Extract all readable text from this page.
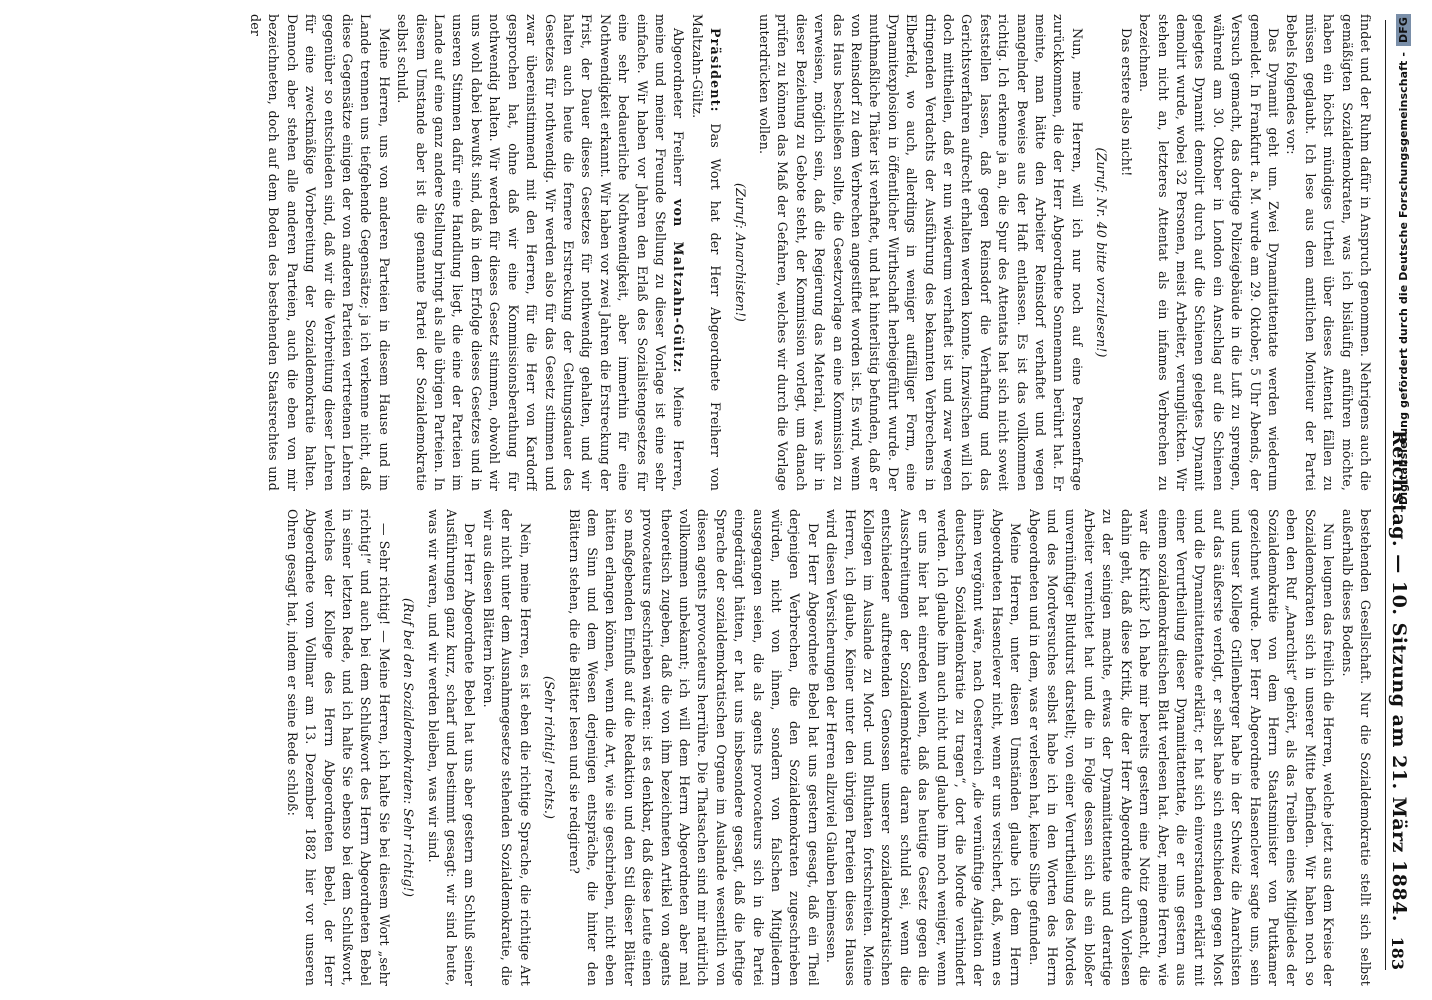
Digitalisierung gefördert durch die Deutsche Forschungsgemeinschaft -
DFG
Reichstag. — 10. Sitzung am 21. März 1884.
183

findet und der Ruhm dafür in Anspruch genommen. Nehrigens auch die gemäßigten Sozialdemokraten, was ich bisläufig anführen möchte, haben ein höchst mündiges Urtheil über dieses Attentat fällen zu müssen geglaubt. Ich lese aus dem amtlichen Moniteur der Partei Bebels folgendes vor:

Das Dynamit geht um. Zwei Dynamitattentate werden wiederum gemeldet. In Frankfurt a. M. wurde am 29. Oktober, 5 Uhr Abends, der Versuch gemacht, das dortige Polizeigebäude in die Luft zu sprengen, während am 30. Oktober in London ein Anschlag auf die Schienen gelegtes Dynamit demolirt durch auf die Schienen gelegtes Dynamit demolirt wurde, wobei 32 Personen, meist Arbeiter, verunglückten. Wir stehen nicht an, letzteres Attentat als ein infames Verbrechen zu bezeichnen.

Das erstere also nicht!

(Zuruf: Nr. 40 bitte vorzulesen!)

Nun, meine Herren, will ich nur noch auf eine Personenfrage zurückkommen, die der Herr Abgeordnete Sonnemann berührt hat. Er meinte, man hätte den Arbeiter Reinsdorf verhaftet und wegen mangelnder Beweise aus der Haft entlassen. Es ist das vollkommen richtig. Ich erkenne ja an, die Spur des Attentats hat sich nicht soweit feststellen lassen, daß gegen Reinsdorf die Verhaftung und das Gerichtsverfahren aufrecht erhalten werden konnte. Inzwischen will ich doch mittheilen, daß er nun wiederum verhaftet ist und zwar wegen dringenden Verdachts der Ausführung des bekannten Verbrechens in Elberfeld, wo auch, allerdings in weniger auffälliger Form, eine Dynamitexplosion in öffentlicher Wirthschaft herbeigeführt wurde. Der muthmaßliche Thäter ist verhaftet, und hat hinterlistig befunden, daß er von Reinsdorf zu dem Verbrechen angestiftet worden ist. Es wird, wenn das Haus beschließen sollte, die Gesetzvorlage an eine Kommission zu verweisen, möglich sein, daß die Regierung das Material, was ihr in dieser Beziehung zu Gebote steht, der Kommission vorlegt, um danach prüfen zu können das Maß der Gefahren, welches wir durch die Vorlage unterdrücken wollen.

(Zuruf: Anarchisten!)

Präsident: Das Wort hat der Herr Abgeordnete Freiherr von Maltzahn-Gültz.

Abgeordneter Freiherr von Maltzahn-Gültz: Meine Herren, meine und meiner Freunde Stellung zu dieser Vorlage ist eine sehr einfache. Wir haben vor Jahren den Erlaß des Sozialistengesetzes für eine sehr bedauerliche Nothwendigkeit, aber immerhin für eine Nothwendigkeit erkannt. Wir haben vor zwei Jahren die Erstreckung der Frist, der Dauer dieses Gesetzes für nothwendig gehalten, und wir halten auch heute die fernere Erstreckung der Geltungsdauer des Gesetzes für nothwendig. Wir werden also für das Gesetz stimmen und zwar übereinstimmend mit den Herren, für die Herr von Kardorff gesprochen hat, ohne daß wir eine Kommissionsberathung für nothwendig halten. Wir werden für dieses Gesetz stimmen, obwohl wir uns wohl dabei bewußt sind, daß in dem Erfolge dieses Gesetzes und in unseren Stimmen dafür eine Handlung liegt, die eine der Parteien im Lande auf eine ganz andere Stellung bringt als alle übrigen Parteien. In diesem Umstande aber ist die genannte Partei der Sozialdemokratie selbst schuld.

Meine Herren, uns von anderen Parteien in diesem Hause und im Lande trennen uns tiefgehende Gegensätze; ja ich verkenne nicht, daß diese Gegensätze einigen der von anderen Parteien vertretenen Lehren gegenüber so entschieden sind, daß wir die Verbreitung dieser Lehren für eine zweckmäßige Vorbereitung der Sozialdemokratie halten. Dennoch aber stehen alle anderen Parteien, auch die eben von mir bezeichneten, doch auf dem Boden des bestehenden Staatsrechtes und der

bestehenden Gesellschaft. Nur die Sozialdemokratie stellt sich selbst außerhalb dieses Bodens.

Nun leugnen das freilich die Herren, welche jetzt aus dem Kreise der Sozialdemokraten sich in unserer Mitte befinden. Wir haben noch so eben den Ruf „Anarchist“ gehört, als das Treiben eines Mitgliedes der Sozialdemokratie von dem Herrn Staatsminister von Puttkamer gezeichnet wurde. Der Herr Abgeordnete Hasenclever sagte uns, sein und unser Kollege Grillenberger habe in der Schweiz die Anarchisten auf das äußerste verfolgt, er selbst habe sich entschieden gegen Most und die Dynamitattentate erklärt; er hat sich einverstanden erklärt mit einer Verurtheilung dieser Dynamitattentate, die er uns gestern aus einem sozialdemokratischen Blatt verlesen hat. Aber, meine Herren, wie war die Kritik? Ich habe mir bereits gestern eine Notiz gemacht, die dahin geht, daß diese Kritik, die der Herr Abgeordnete durch Vorlesen zu der seinigen machte, etwas der Dynamitattentate und derartige Arbeiter vernichtet hat und die in Folge dessen sich als ein bloßer unvernünftiger Blutdurst darstellt; von einer Verurtheilung des Mordes und des Mordversuches selbst habe ich in den Worten des Herrn Abgeordneten und in dem, was er verlesen hat, keine Silbe gefunden.

Meine Herren, unter diesen Umständen glaube ich dem Herrn Abgeordneten Hasenclever nicht, wenn er uns versichert, daß, wenn es ihnen vergönnt wäre, nach Oesterreich „die vernünftige Agitation der deutschen Sozialdemokratie zu tragen“, dort die Morde verhindert werden. Ich glaube ihm auch nicht und glaube ihm noch weniger, wenn er uns hier hat einreden wollen, daß das heutige Gesetz gegen die Ausschreitungen der Sozialdemokratie daran schuld sei, wenn die entschiedener auftretenden Genossen unserer sozialdemokratischen Kollegen im Auslande zu Mord- und Bluthaten fortschreiten. Meine Herren, ich glaube, Keiner unter den übrigen Parteien dieses Hauses wird diesen Versicherungen der Herren allzuviel Glauben beimessen.

Der Herr Abgeordnete Bebel hat uns gestern gesagt, daß ein Theil derjenigen Verbrechen, die den Sozialdemokraten zugeschrieben würden, nicht von ihnen, sondern von falschen Mitgliedern ausgegangen seien, die als agents provocateurs sich in die Partei eingedrängt hätten, er hat uns insbesondere gesagt, daß die heftige Sprache der sozialdemokratischen Organe im Auslande wesentlich von diesen agents provocateurs herrühre. Die Thatsachen sind mir natürlich vollkommen unbekannt; ich will dem Herrn Abgeordneten aber mal theoretisch zugeben, daß die von ihm bezeichneten Artikel von agents provocateurs geschrieben wären: ist es denkbar, daß diese Leute einen so maßgebenden Einfluß auf die Redaktion und den Stil dieser Blätter hätten erlangen können, wenn die Art, wie sie geschrieben, nicht eben dem Sinn und dem Wesen derjenigen entspräche, die hinter den Blättern stehen, die die Blätter lesen und sie redigiren?

(Sehr richtig! rechts.)

Nein, meine Herren, es ist eben die richtige Sprache, die richtige Art der nicht unter dem Ausnahmegesetze stehenden Sozialdemokratie, die wir aus diesen Blättern hören.

Der Herr Abgeordnete Bebel hat uns aber gestern am Schluß seiner Ausführungen ganz kurz, scharf und bestimmt gesagt: wir sind heute, was wir waren, und wir werden bleiben, was wir sind.

(Ruf bei den Sozialdemokraten: Sehr richtig!)

— Sehr richtig! — Meine Herren, ich halte Sie bei diesem Wort „sehr richtig!“ und auch bei dem Schlußwort des Herrn Abgeordneten Bebel in seiner letzten Rede, und ich halte Sie ebenso bei dem Schlußwort, welches der Kollege des Herrn Abgeordneten Bebel, der Herr Abgeordnete vom Vollmar am 13. Dezember 1882 hier vor unseren Ohren gesagt hat, indem er seine Rede schloß:
